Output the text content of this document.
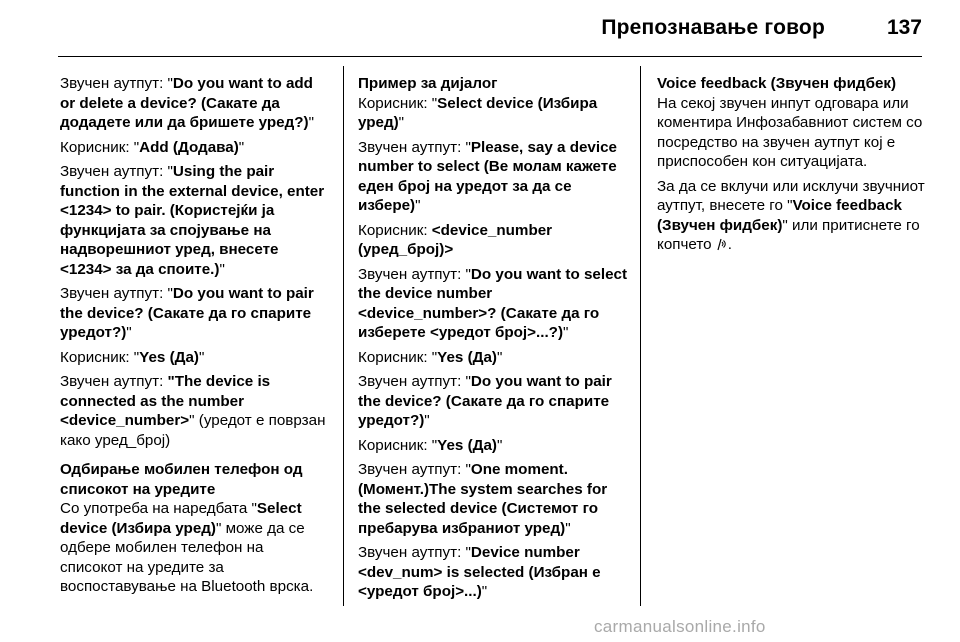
Препознавање говор	137

Звучен аутпут: "Do you want to add or delete a device? (Сакате да додадете или да бришете уред?)"

Корисник: "Add (Додава)"

Звучен аутпут: "Using the pair function in the external device, enter <1234> to pair. (Користејќи ја функцијата за спојување на надворешниот уред, внесете <1234> за да споите.)"

Звучен аутпут: "Do you want to pair the device? (Сакате да го спарите уредот?)"

Корисник: "Yes (Да)"

Звучен аутпут: "The device is connected as the number <device_number>" (уредот е поврзан како уред_број)

Одбирање мобилен телефон од списокот на уредите

Со употреба на наредбата "Select device (Избира уред)" може да се одбере мобилен телефон на списокот на уредите за воспоставување на Bluetooth врска.

Пример за дијалог

Корисник: "Select device (Избира уред)"

Звучен аутпут: "Please, say a device number to select (Ве молам кажете еден број на уредот за да се избере)"

Корисник: <device_number (уред_број)>

Звучен аутпут: "Do you want to select the device number <device_number>? (Сакате да го изберете <уредот број>...?)"

Корисник: "Yes (Да)"

Звучен аутпут: "Do you want to pair the device? (Сакате да го спарите уредот?)"

Корисник: "Yes (Да)"

Звучен аутпут: "One moment. (Момент.)The system searches for the selected device (Системот го пребарува избраниот уред)"

Звучен аутпут: "Device number <dev_num> is selected (Избран е <уредот број>...)"

Voice feedback (Звучен фидбек)

На секој звучен инпут одговара или коментира Инфозабавниот систем со посредство на звучен аутпут кој е приспособен кон ситуацијата.

За да се вклучи или исклучи звучниот аутпут, внесете го "Voice feedback (Звучен фидбек)" или притиснете го копчето .

carmanualsonline.info
